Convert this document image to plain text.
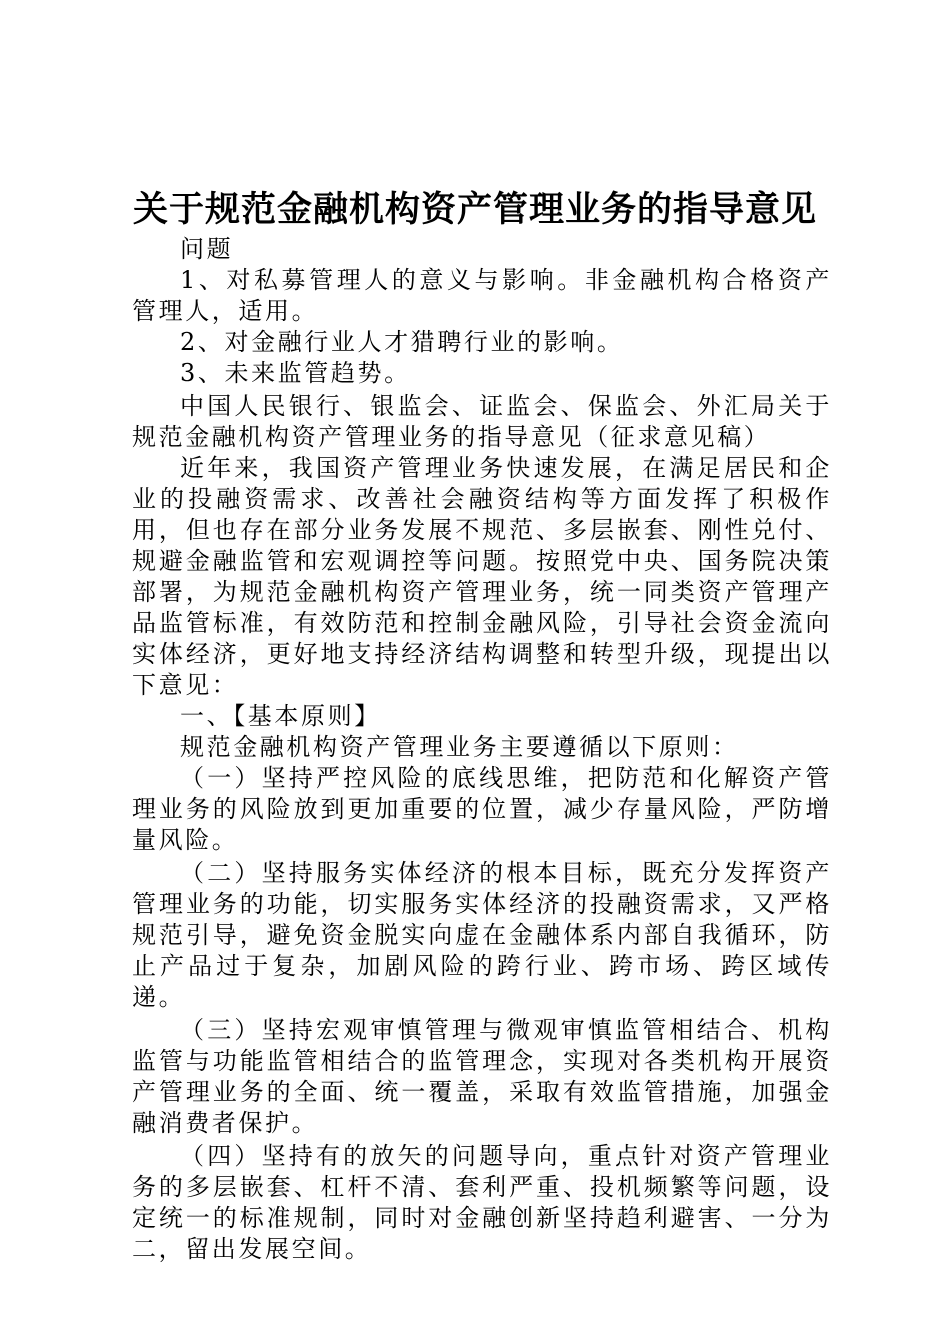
关于规范金融机构资产管理业务的指导意见

问题

1、对私募管理人的意义与影响。非金融机构合格资产管理人，适用。

2、对金融行业人才猎聘行业的影响。

3、未来监管趋势。

中国人民银行、银监会、证监会、保监会、外汇局关于规范金融机构资产管理业务的指导意见（征求意见稿）

近年来，我国资产管理业务快速发展，在满足居民和企业的投融资需求、改善社会融资结构等方面发挥了积极作用，但也存在部分业务发展不规范、多层嵌套、刚性兑付、规避金融监管和宏观调控等问题。按照党中央、国务院决策部署，为规范金融机构资产管理业务，统一同类资产管理产品监管标准，有效防范和控制金融风险，引导社会资金流向实体经济，更好地支持经济结构调整和转型升级，现提出以下意见：

一、【基本原则】

规范金融机构资产管理业务主要遵循以下原则：

（一）坚持严控风险的底线思维，把防范和化解资产管理业务的风险放到更加重要的位置，减少存量风险，严防增量风险。

（二）坚持服务实体经济的根本目标，既充分发挥资产管理业务的功能，切实服务实体经济的投融资需求，又严格规范引导，避免资金脱实向虚在金融体系内部自我循环，防止产品过于复杂，加剧风险的跨行业、跨市场、跨区域传递。

（三）坚持宏观审慎管理与微观审慎监管相结合、机构监管与功能监管相结合的监管理念，实现对各类机构开展资产管理业务的全面、统一覆盖，采取有效监管措施，加强金融消费者保护。

（四）坚持有的放矢的问题导向，重点针对资产管理业务的多层嵌套、杠杆不清、套利严重、投机频繁等问题，设定统一的标准规制，同时对金融创新坚持趋利避害、一分为二，留出发展空间。
